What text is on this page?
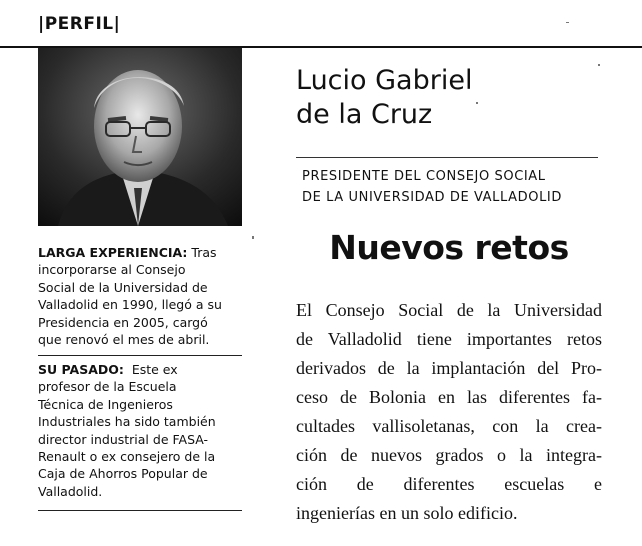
|PERFIL|
Lucio Gabriel
de la Cruz
PRESIDENTE DEL CONSEJO SOCIAL
DE LA UNIVERSIDAD DE VALLADOLID
Nuevos retos
El Consejo Social de la Universidad
de Valladolid tiene importantes retos
derivados de la implantación del Pro-
ceso de Bolonia en las diferentes fa-
cultades vallisoletanas, con la crea-
ción de nuevos grados o la integra-
ción de diferentes escuelas e
ingenierías en un solo edificio.
LARGA EXPERIENCIA: Tras
incorporarse al Consejo
Social de la Universidad de
Valladolid en 1990, llegó a su
Presidencia en 2005, cargó
que renovó el mes de abril.
SU PASADO: Este ex
profesor de la Escuela
Técnica de Ingenieros
Industriales ha sido también
director industrial de FASA-
Renault o ex consejero de la
Caja de Ahorros Popular de
Valladolid.
